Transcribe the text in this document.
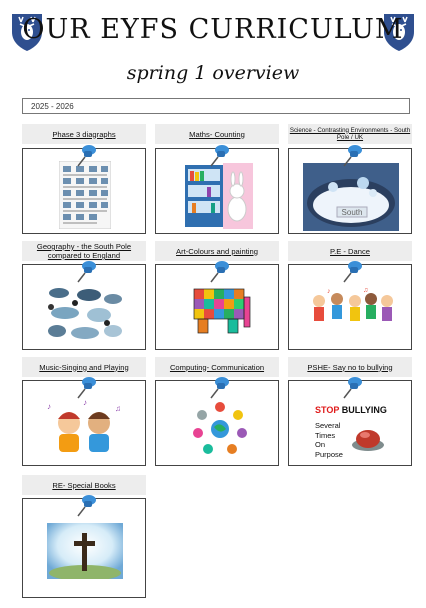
OUR EYFS CURRICULUM
spring 1 overview
2025 - 2026
Phase 3 diagraphs	Maths- Counting	Science - Contrasting Environments - South Pole / UK
South
Geography - the South Pole compared to England	Art-Colours and painting	P.E - Dance
♪	♫
Music-Singing and Playing
♪	♫
♪
Computing- Communication	PSHE- Say no to bullying
STOP BULLYING
Several
Times
On
Purpose
RE- Special Books
